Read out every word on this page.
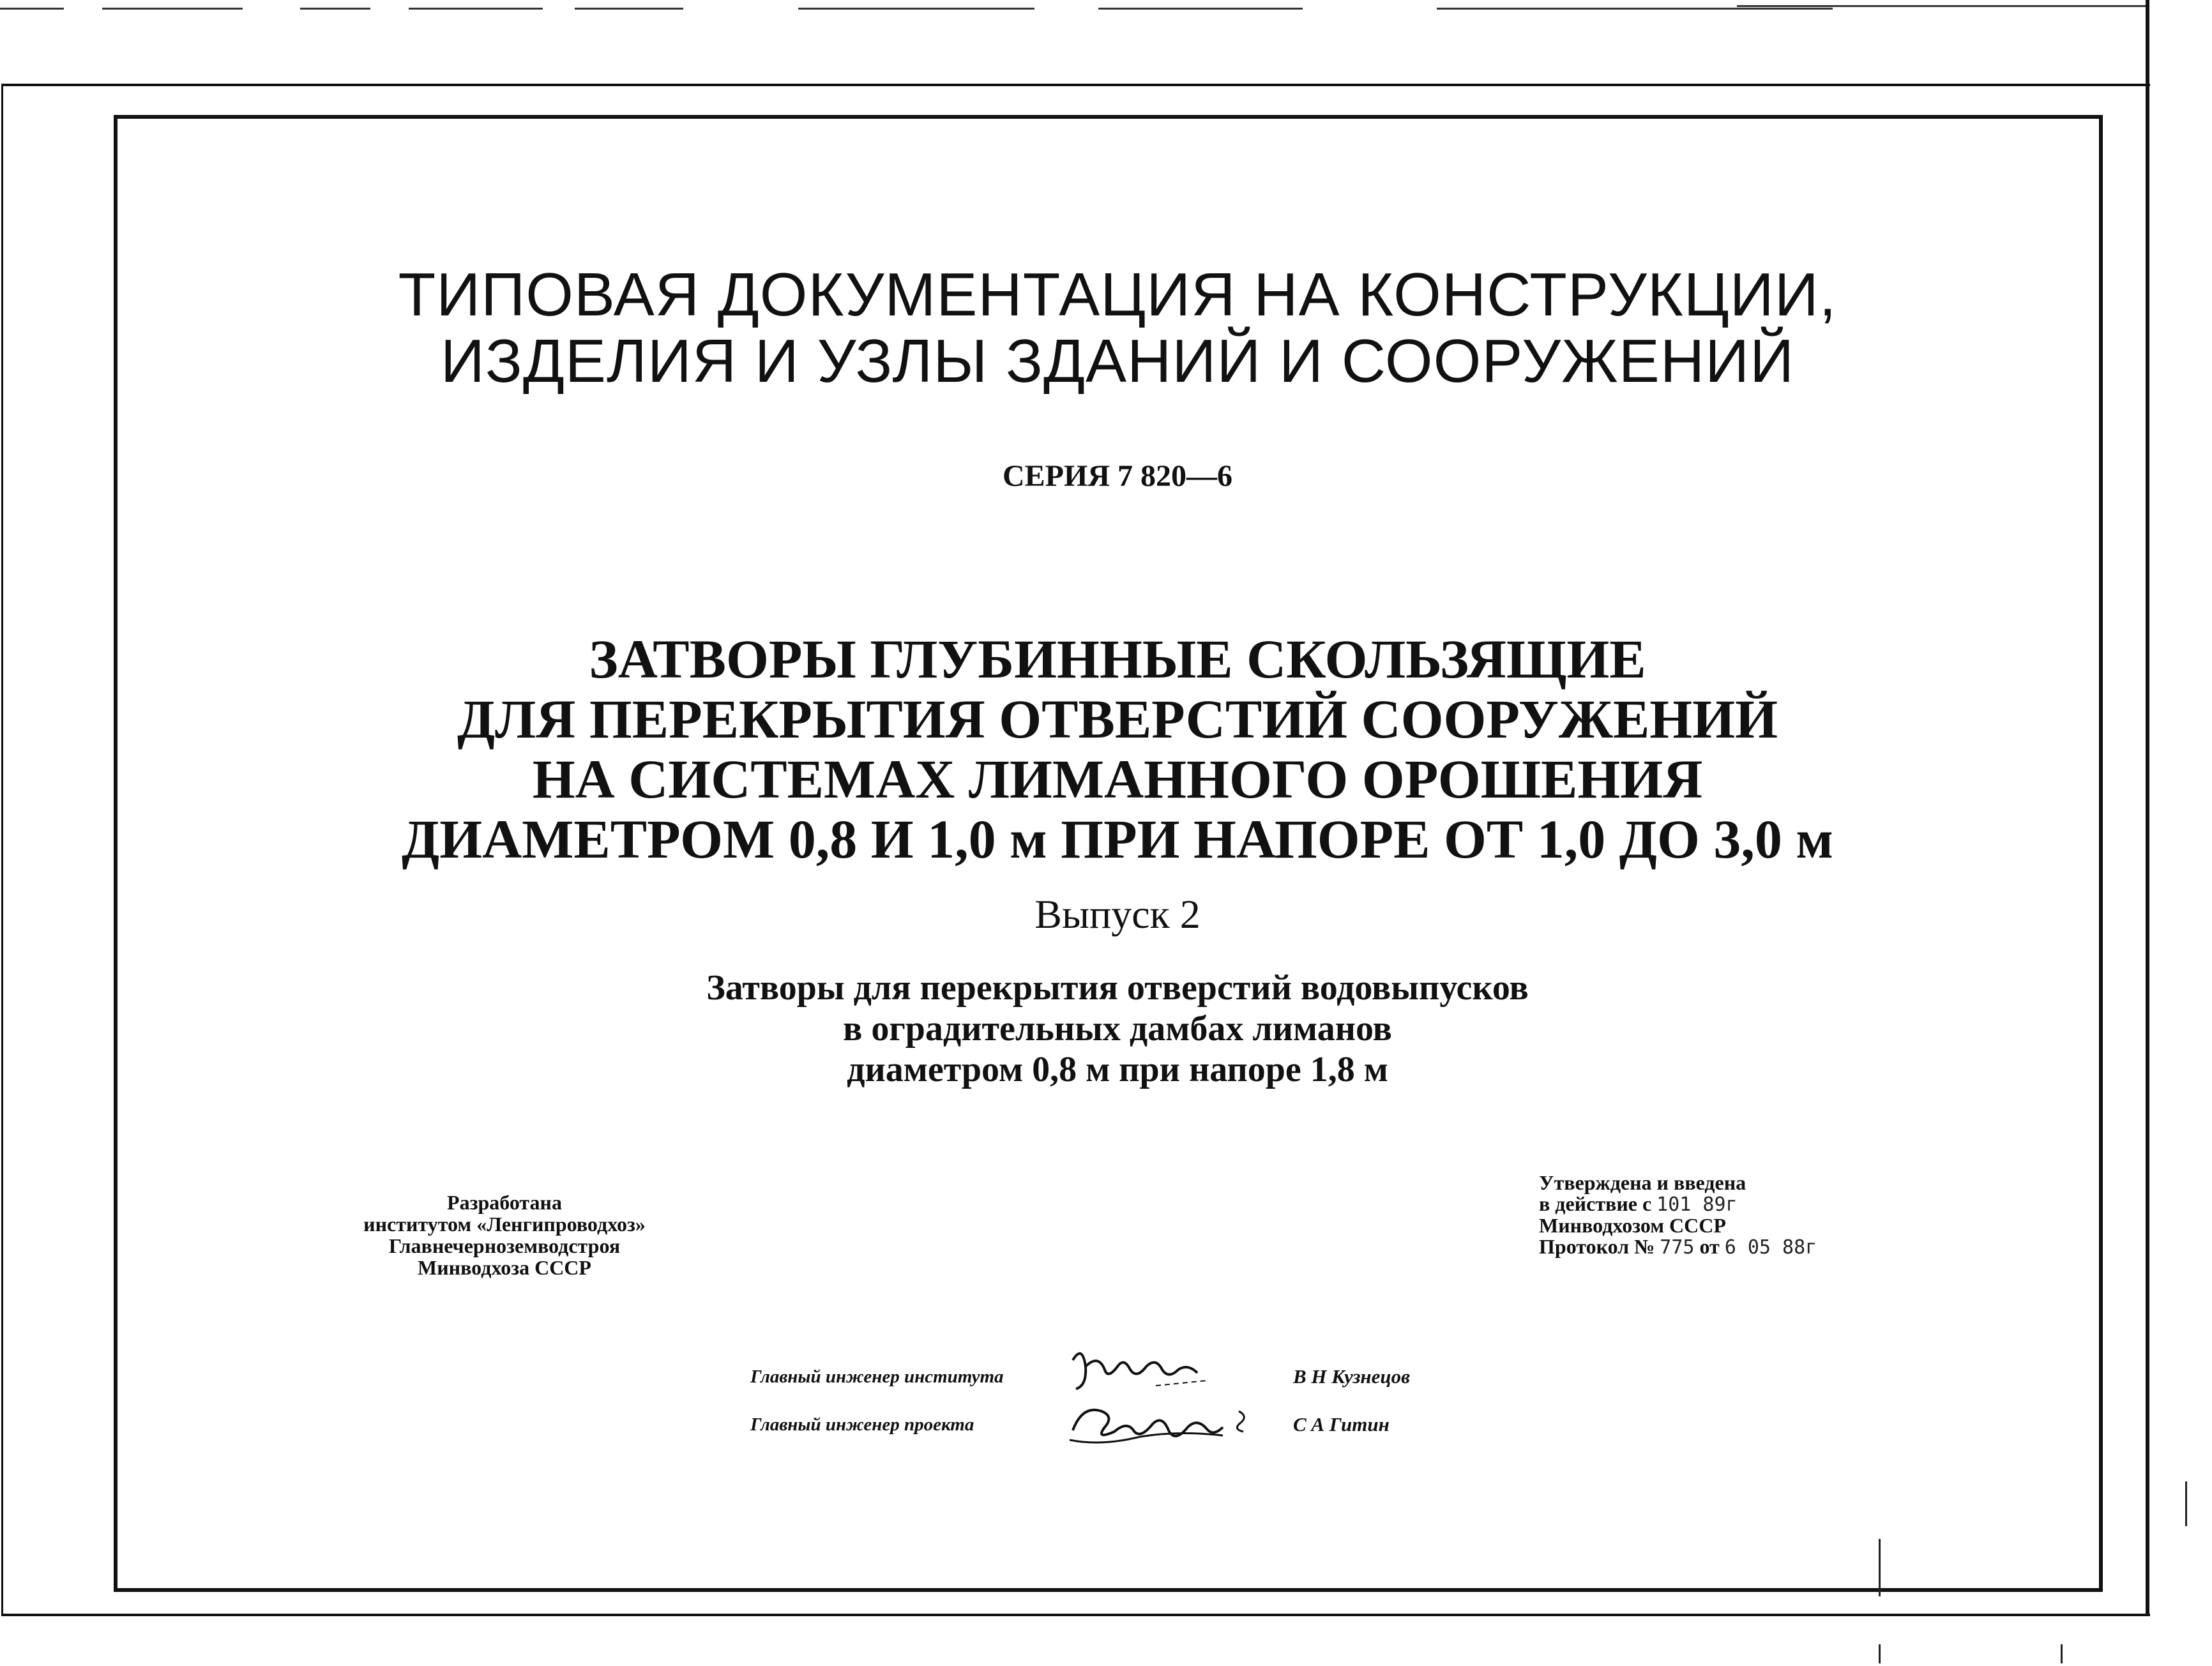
ТИПОВАЯ ДОКУМЕНТАЦИЯ НА КОНСТРУКЦИИ,
ИЗДЕЛИЯ И УЗЛЫ ЗДАНИЙ И СООРУЖЕНИЙ
СЕРИЯ 7 820—6
ЗАТВОРЫ ГЛУБИННЫЕ СКОЛЬЗЯЩИЕ
ДЛЯ ПЕРЕКРЫТИЯ ОТВЕРСТИЙ СООРУЖЕНИЙ
НА СИСТЕМАХ ЛИМАННОГО ОРОШЕНИЯ
ДИАМЕТРОМ 0,8 И 1,0 м ПРИ НАПОРЕ ОТ 1,0 ДО 3,0 м
Выпуск 2
Затворы для перекрытия отверстий водовыпусков
в оградительных дамбах лиманов
диаметром 0,8 м при напоре 1,8 м
Разработана
институтом «Ленгипроводхоз»
Главнечерноземводстроя
Минводхоза СССР
Утверждена и введена
в действие с 101 89г
Минводхозом СССР
Протокол № 775 от 6 05 88г
Главный инженер института	В Н Кузнецов
Главный инженер проекта	С А Гитин
